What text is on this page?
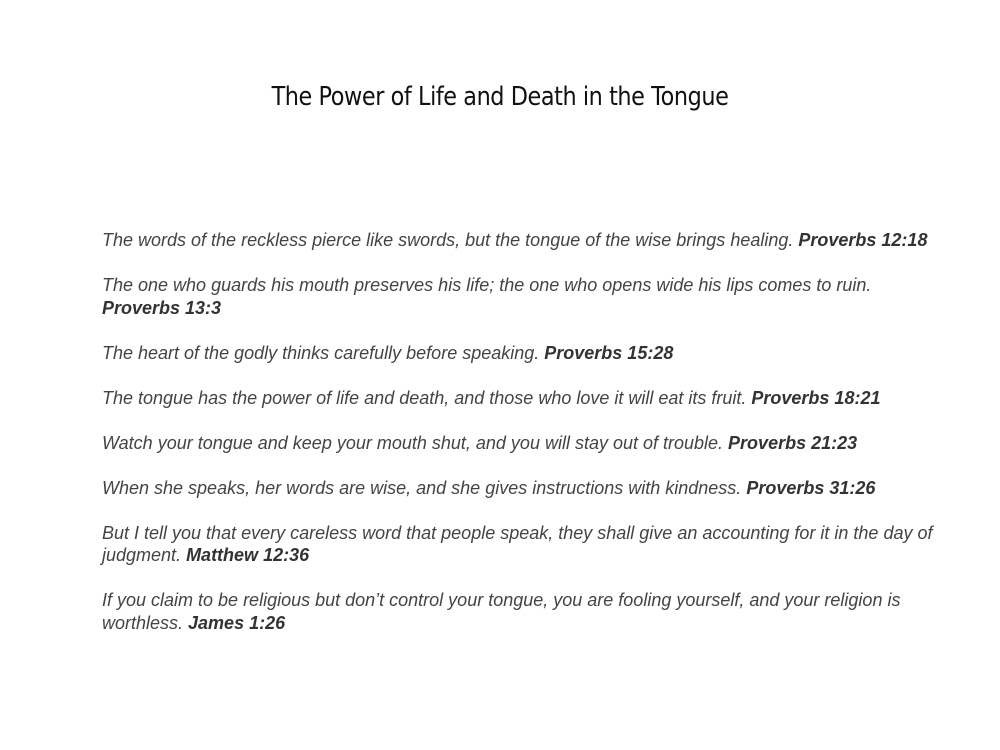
The Power of Life and Death in the Tongue

The words of the reckless pierce like swords, but the tongue of the wise brings healing. Proverbs 12:18

The one who guards his mouth preserves his life; the one who opens wide his lips comes to ruin. Proverbs 13:3

The heart of the godly thinks carefully before speaking. Proverbs 15:28

The tongue has the power of life and death, and those who love it will eat its fruit. Proverbs 18:21

Watch your tongue and keep your mouth shut, and you will stay out of trouble. Proverbs 21:23

When she speaks, her words are wise, and she gives instructions with kindness. Proverbs 31:26

But I tell you that every careless word that people speak, they shall give an accounting for it in the day of judgment. Matthew 12:36

If you claim to be religious but don’t control your tongue, you are fooling yourself, and your religion is worthless. James 1:26
